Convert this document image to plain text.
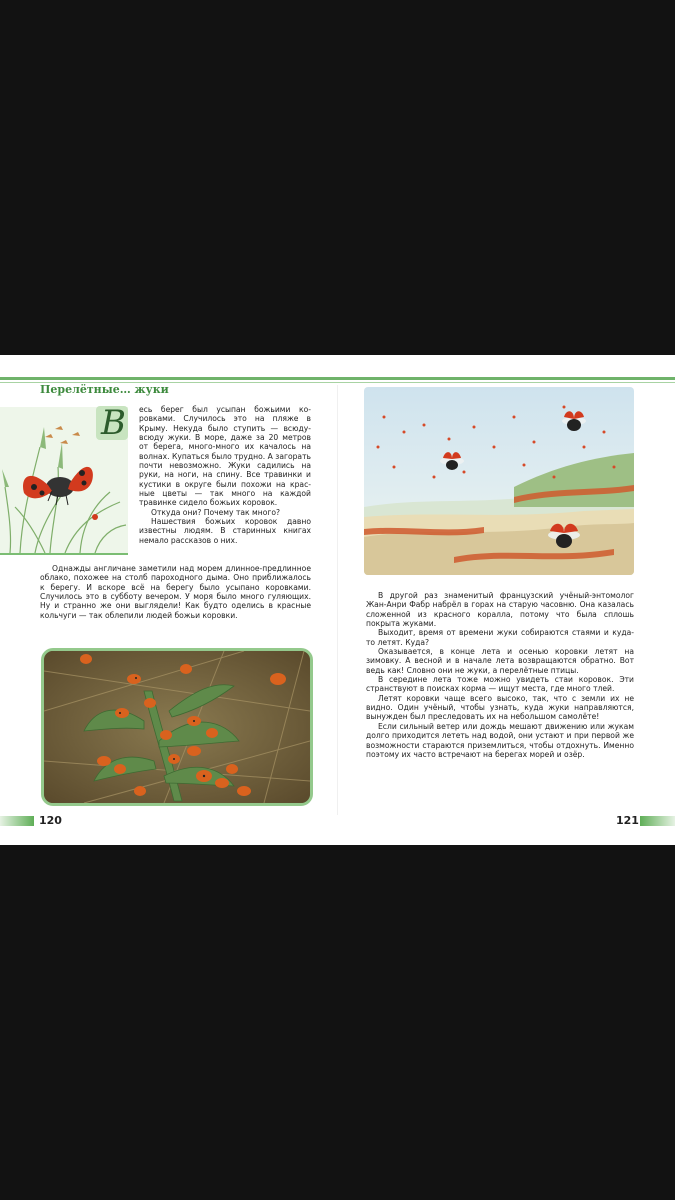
Перелётные… жуки
В есь берег был усыпан божьими коровками. Случилось это на пляже в Крыму. Некуда было ступить — всюду-всюду жуки. В море, даже за 20 метров от берега, много-много их качалось на волнах. Купаться было трудно. А загорать почти невозможно. Жуки садились на руки, на ноги, на спину. Все травинки и кустики в округе были похожи на красные цветы — так много на каждой травинке сидело божьих коровок.

Откуда они? Почему так много?

Нашествия божьих коровок давно известны людям. В старинных книгах немало рассказов о них.

Однажды англичане заметили над морем длинное-предлинное облако, похожее на столб пароходного дыма. Оно приближалось к берегу. И вскоре всё на берегу было усыпано коровками. Случилось это в субботу вечером. У моря было много гуляющих. Ну и странно же они выглядели! Как будто оделись в красные кольчуги — так облепили людей божьи коровки.

В другой раз знаменитый французский учёный-энтомолог Жан-Анри Фабр набрёл в горах на старую часовню. Она казалась сложенной из красного коралла, потому что была сплошь покрыта жуками.

Выходит, время от времени жуки собираются стаями и куда-то летят. Куда?

Оказывается, в конце лета и осенью коровки летят на зимовку. А весной и в начале лета возвращаются обратно. Вот ведь как! Словно они не жуки, а перелётные птицы.

В середине лета тоже можно увидеть стаи коровок. Эти странствуют в поисках корма — ищут места, где много тлей.

Летят коровки чаще всего высоко, так, что с земли их не видно. Один учёный, чтобы узнать, куда жуки направляются, вынужден был преследовать их на небольшом самолёте!

Если сильный ветер или дождь мешают движению или жукам долго приходится лететь над водой, они устают и при первой же возможности стараются приземлиться, чтобы отдохнуть. Именно поэтому их часто встречают на берегах морей и озёр.

120	121
